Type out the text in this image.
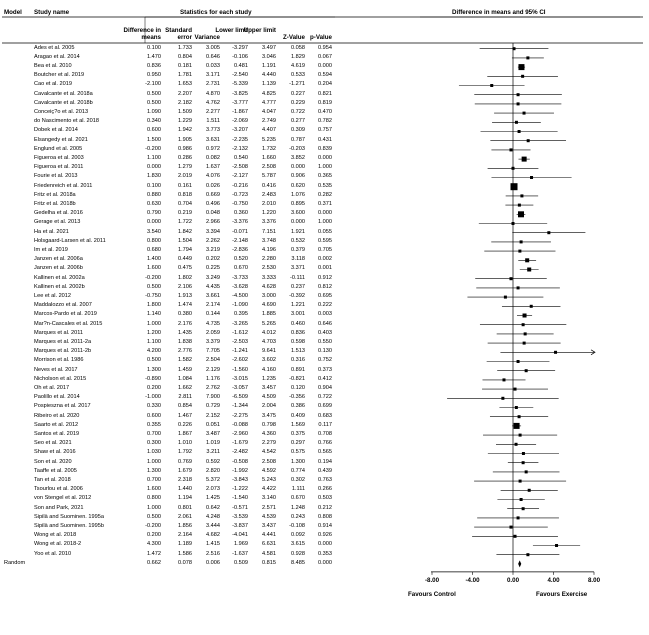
Model Study name	Statistics for each study	Difference in means and 95% CI
Difference in means
Standard error Variance
Lower limit
Upper limit
Z-Value p-Value
-8.00	-4.00	0.00	4.00	8.00
Favours Control	Favours Exercise
Ades et al. 2005	0.100	1.733	3.005	-3.297	3.497	0.058	0.954
Aragao et al. 2014	1.470	0.804	0.646	-0.106	3.046	1.829	0.067
Bea et al. 2010	0.836	0.181	0.033	0.481	1.191	4.619	0.000
Boutcher et al. 2019	0.950	1.781	3.171	-2.540	4.440	0.533	0.594
Cao et al. 2019	-2.100	1.653	2.731	-5.339	1.139	-1.271	0.204
Cavalcante et al. 2018a	0.500	2.207	4.870	-3.825	4.825	0.227	0.821
Cavalcante et al. 2018b	0.500	2.182	4.762	-3.777	4.777	0.229	0.819
Conceiç?o et al. 2013	1.090	1.509	2.277	-1.867	4.047	0.722	0.470
do Nascimento et al. 2018	0.340	1.229	1.511	-2.069	2.749	0.277	0.782
Dobek et al. 2014	0.600	1.942	3.773	-3.207	4.407	0.309	0.757
Elsangedy et al. 2021	1.500	1.905	3.631	-2.235	5.235	0.787	0.431
Englund et al. 2005	-0.200	0.986	0.972	-2.132	1.732	-0.203	0.839
Figueroa et al. 2003	1.100	0.286	0.082	0.540	1.660	3.852	0.000
Figueroa et al. 2011	0.000	1.279	1.637	-2.508	2.508	0.000	1.000
Fourie et al. 2013	1.830	2.019	4.076	-2.127	5.787	0.906	0.365
Friedenreich et al. 2011	0.100	0.161	0.026	-0.216	0.416	0.620	0.535
Fritz et al. 2018a	0.880	0.818	0.669	-0.723	2.483	1.076	0.282
Fritz et al. 2018b	0.630	0.704	0.496	-0.750	2.010	0.895	0.371
Gedelha et al. 2016	0.790	0.219	0.048	0.360	1.220	3.600	0.000
Gerage et al. 2013	0.000	1.722	2.966	-3.376	3.376	0.000	1.000
Ha et al. 2021	3.540	1.842	3.394	-0.071	7.151	1.921	0.055
Holsgaard-Larsen et al. 2011	0.800	1.504	2.262	-2.148	3.748	0.532	0.595
Im et al. 2019	0.680	1.794	3.219	-2.836	4.196	0.379	0.705
Janzen et al. 2006a	1.400	0.449	0.202	0.520	2.280	3.118	0.002
Janzen et al. 2006b	1.600	0.475	0.225	0.670	2.530	3.371	0.001
Kallinen et al. 2002a	-0.200	1.802	3.249	-3.733	3.333	-0.111	0.912
Kallinen et al. 2002b	0.500	2.106	4.435	-3.628	4.628	0.237	0.812
Lee et al. 2012	-0.750	1.913	3.661	-4.500	3.000	-0.392	0.695
Maddalozzo et al. 2007	1.800	1.474	2.174	-1.090	4.690	1.221	0.222
Marcos-Pardo et al. 2019	1.140	0.380	0.144	0.395	1.885	3.001	0.003
Mar?n-Cascales et al. 2015	1.000	2.176	4.735	-3.265	5.265	0.460	0.646
Marques et al. 2011	1.200	1.435	2.059	-1.612	4.012	0.836	0.403
Marques et al. 2011-2a	1.100	1.838	3.379	-2.503	4.703	0.598	0.550
Marques et al. 2011-2b	4.200	2.776	7.705	-1.241	9.641	1.513	0.130
Morrison et al. 1986	0.500	1.582	2.504	-2.602	3.602	0.316	0.752
Neves et al. 2017	1.300	1.459	2.129	-1.560	4.160	0.891	0.373
Nicholson et al. 2015	-0.890	1.084	1.176	-3.015	1.235	-0.821	0.412
Oh et al. 2017	0.200	1.662	2.762	-3.057	3.457	0.120	0.904
Paolillo et al. 2014	-1.000	2.811	7.900	-6.509	4.509	-0.356	0.722
Pospieszna et al. 2017	0.330	0.854	0.729	-1.344	2.004	0.386	0.699
Ribeiro et al. 2020	0.600	1.467	2.152	-2.275	3.475	0.409	0.683
Saarto et al. 2012	0.355	0.226	0.051	-0.088	0.798	1.569	0.117
Santos et al. 2019	0.700	1.867	3.487	-2.960	4.360	0.375	0.708
Seo et al. 2021	0.300	1.010	1.019	-1.679	2.279	0.297	0.766
Shaw et al. 2016	1.030	1.792	3.211	-2.482	4.542	0.575	0.565
Son et al. 2020	1.000	0.769	0.592	-0.508	2.508	1.300	0.194
Taaffe et al. 2005	1.300	1.679	2.820	-1.992	4.592	0.774	0.439
Tan et al. 2018	0.700	2.318	5.372	-3.843	5.243	0.302	0.763
Tsourlou et al. 2006	1.600	1.440	2.073	-1.222	4.422	1.111	0.266
von Stengel et al. 2012	0.800	1.194	1.425	-1.540	3.140	0.670	0.503
Son and Park, 2021	1.000	0.801	0.642	-0.571	2.571	1.248	0.212
Sipilä and Suominen. 1995a	0.500	2.061	4.248	-3.539	4.539	0.243	0.808
Sipilä and Suominen. 1995b	-0.200	1.856	3.444	-3.837	3.437	-0.108	0.914
Wong et al. 2018	0.200	2.164	4.682	-4.041	4.441	0.092	0.926
Wong et al. 2018-2	4.300	1.189	1.415	1.969	6.631	3.615	0.000
Yoo et al. 2010	1.472	1.586	2.516	-1.637	4.581	0.928	0.353
Random	0.662	0.078	0.006	0.509	0.815	8.485	0.000
